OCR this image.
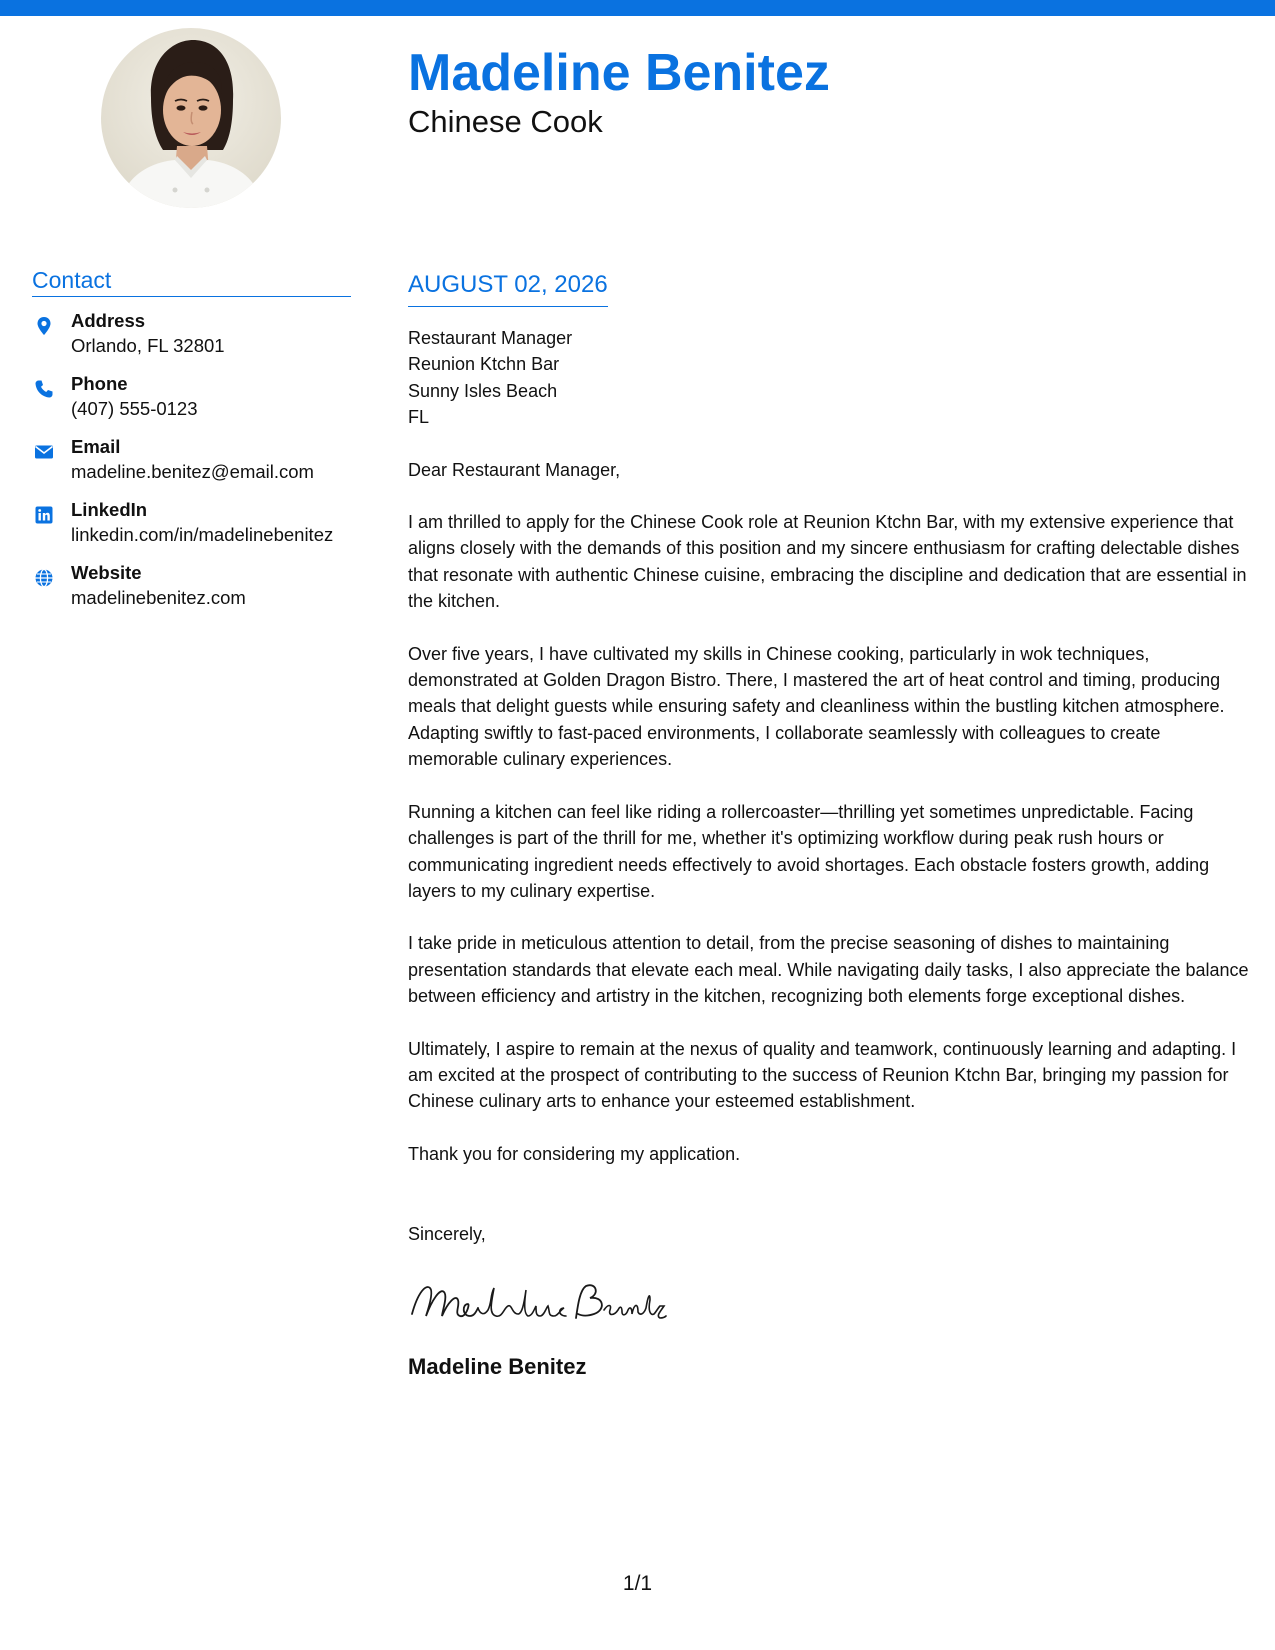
Madeline Benitez
Chinese Cook
Contact
Address
Orlando, FL 32801
Phone
(407) 555-0123
Email
madeline.benitez@email.com
LinkedIn
linkedin.com/in/madelinebenitez
Website
madelinebenitez.com
AUGUST 02, 2026
Restaurant Manager
Reunion Ktchn Bar
Sunny Isles Beach
FL
Dear Restaurant Manager,

I am thrilled to apply for the Chinese Cook role at Reunion Ktchn Bar, with my extensive experience that aligns closely with the demands of this position and my sincere enthusiasm for crafting delectable dishes that resonate with authentic Chinese cuisine, embracing the discipline and dedication that are essential in the kitchen.

Over five years, I have cultivated my skills in Chinese cooking, particularly in wok techniques, demonstrated at Golden Dragon Bistro. There, I mastered the art of heat control and timing, producing meals that delight guests while ensuring safety and cleanliness within the bustling kitchen atmosphere. Adapting swiftly to fast-paced environments, I collaborate seamlessly with colleagues to create memorable culinary experiences.

Running a kitchen can feel like riding a rollercoaster—thrilling yet sometimes unpredictable. Facing challenges is part of the thrill for me, whether it's optimizing workflow during peak rush hours or communicating ingredient needs effectively to avoid shortages. Each obstacle fosters growth, adding layers to my culinary expertise.

I take pride in meticulous attention to detail, from the precise seasoning of dishes to maintaining presentation standards that elevate each meal. While navigating daily tasks, I also appreciate the balance between efficiency and artistry in the kitchen, recognizing both elements forge exceptional dishes.

Ultimately, I aspire to remain at the nexus of quality and teamwork, continuously learning and adapting. I am excited at the prospect of contributing to the success of Reunion Ktchn Bar, bringing my passion for Chinese culinary arts to enhance your esteemed establishment.

Thank you for considering my application.

Sincerely,
Madeline Benitez
1/1
